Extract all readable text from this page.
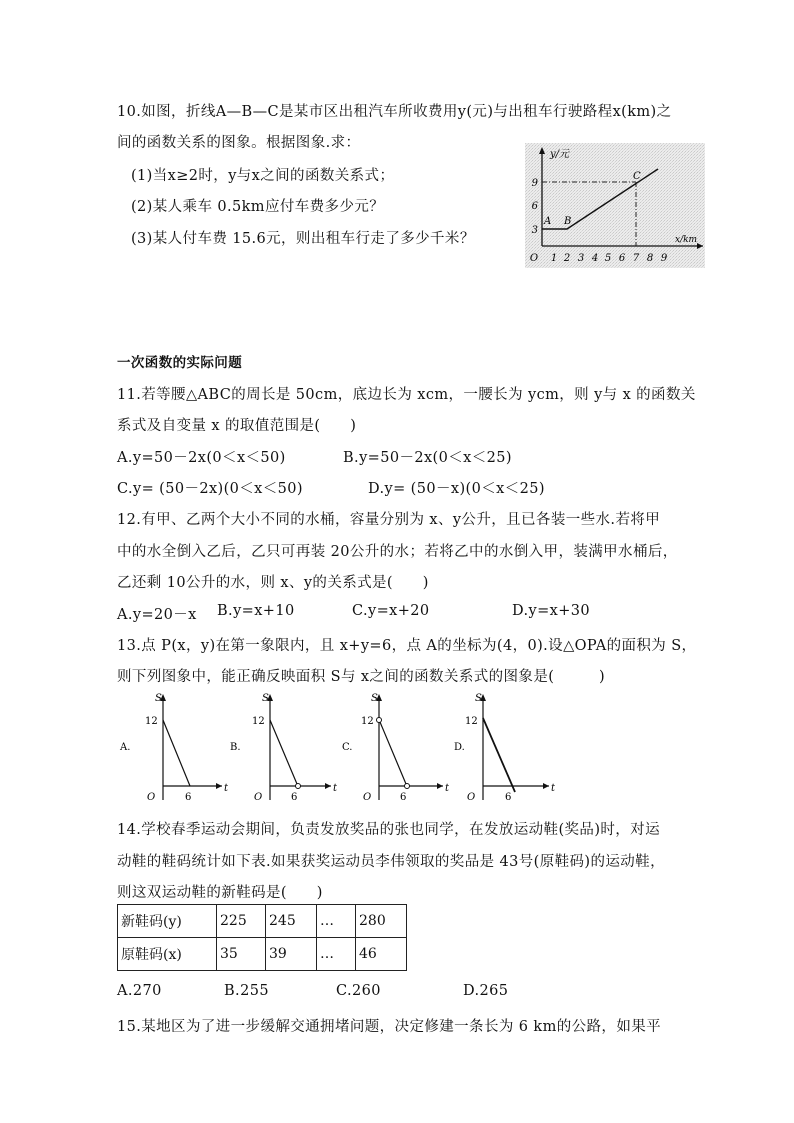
10.如图，折线A—B—C是某市区出租汽车所收费用y(元)与出租车行驶路程x(km)之
间的函数关系的图象。根据图象.求：
(1)当x≥2时，y与x之间的函数关系式；
(2)某人乘车 0.5km应付车费多少元？
(3)某人付车费 15.6元，则出租车行走了多少千米？
y/元
x/km
O 1 2 3 4 5 6 7 8 9
3
6
9
A B
C
一次函数的实际问题
11.若等腰△ABC的周长是 50cm，底边长为 xcm，一腰长为 ycm，则 y与 x 的函数关
系式及自变量 x 的取值范围是(　　)
A.y=50－2x(0＜x＜50)	B.y=50－2x(0＜x＜25)
C.y= (50－2x)(0＜x＜50)	D.y= (50－x)(0＜x＜25)
12.有甲、乙两个大小不同的水桶，容量分别为 x、y公升，且已各装一些水.若将甲
中的水全倒入乙后，乙只可再装 20公升的水；若将乙中的水倒入甲，装满甲水桶后，
乙还剩 10公升的水，则 x、y的关系式是(　　)
A.y=20－x B.y=x+10	C.y=x+20	D.y=x+30
13.点 P(x，y)在第一象限内，且 x+y=6，点 A的坐标为(4，0).设△OPA的面积为 S，
则下列图象中，能正确反映面积 S与 x之间的函数关系式的图象是(　　　)
A.
S
t
O
12
6
B.
S
t
O
12
6
C.
S
t
O
12
6
D.
S
t
O
12
6
14.学校春季运动会期间，负责发放奖品的张也同学，在发放运动鞋(奖品)时，对运
动鞋的鞋码统计如下表.如果获奖运动员李伟领取的奖品是 43号(原鞋码)的运动鞋，
则这双运动鞋的新鞋码是(　　)
新鞋码(y)	225	245	…	280
原鞋码(x)	35	39	…	46
A.270	B.255	C.260	D.265
15.某地区为了进一步缓解交通拥堵问题，决定修建一条长为 6 km的公路，如果平
